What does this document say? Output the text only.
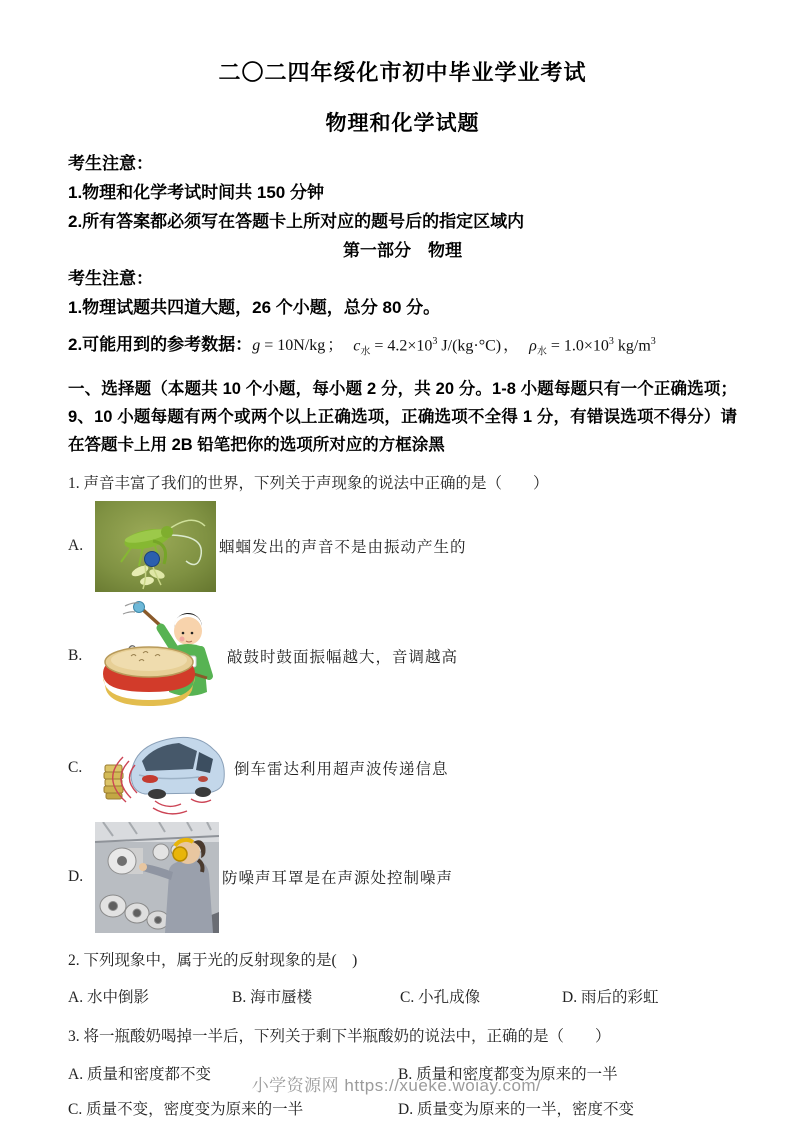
二〇二四年绥化市初中毕业学业考试
物理和化学试题
考生注意：
1.物理和化学考试时间共 150 分钟
2.所有答案都必须写在答题卡上所对应的题号后的指定区域内
第一部分　物理
考生注意：
1.物理试题共四道大题，26 个小题，总分 80 分。
2.可能用到的参考数据： g = 10N/kg ； $c_水 = 4.2\times 10^3$ J/(kg·°C) ， $\rho_水 = 1.0\times 10^3$ $kg/m^3$
一、选择题（本题共 10 个小题，每小题 2 分，共 20 分。1-8 小题每题只有一个正确选项；9、10 小题每题有两个或两个以上正确选项，正确选项不全得 1 分，有错误选项不得分）请在答题卡上用 2B 铅笔把你的选项所对应的方框涂黑
1. 声音丰富了我们的世界，下列关于声现象的说法中正确的是（　　）
A.	蝈蝈发出的声音不是由振动产生的
B.	敲鼓时鼓面振幅越大，音调越高
C.	倒车雷达利用超声波传递信息
D.	防噪声耳罩是在声源处控制噪声
2. 下列现象中，属于光的反射现象的是(　)
A. 水中倒影	B. 海市蜃楼	C. 小孔成像	D. 雨后的彩虹
3. 将一瓶酸奶喝掉一半后，下列关于剩下半瓶酸奶的说法中，正确的是（　　）
A. 质量和密度都不变	B. 质量和密度都变为原来的一半
C. 质量不变，密度变为原来的一半	D. 质量变为原来的一半，密度不变
小学资源网 https://xueke.woiay.com/
